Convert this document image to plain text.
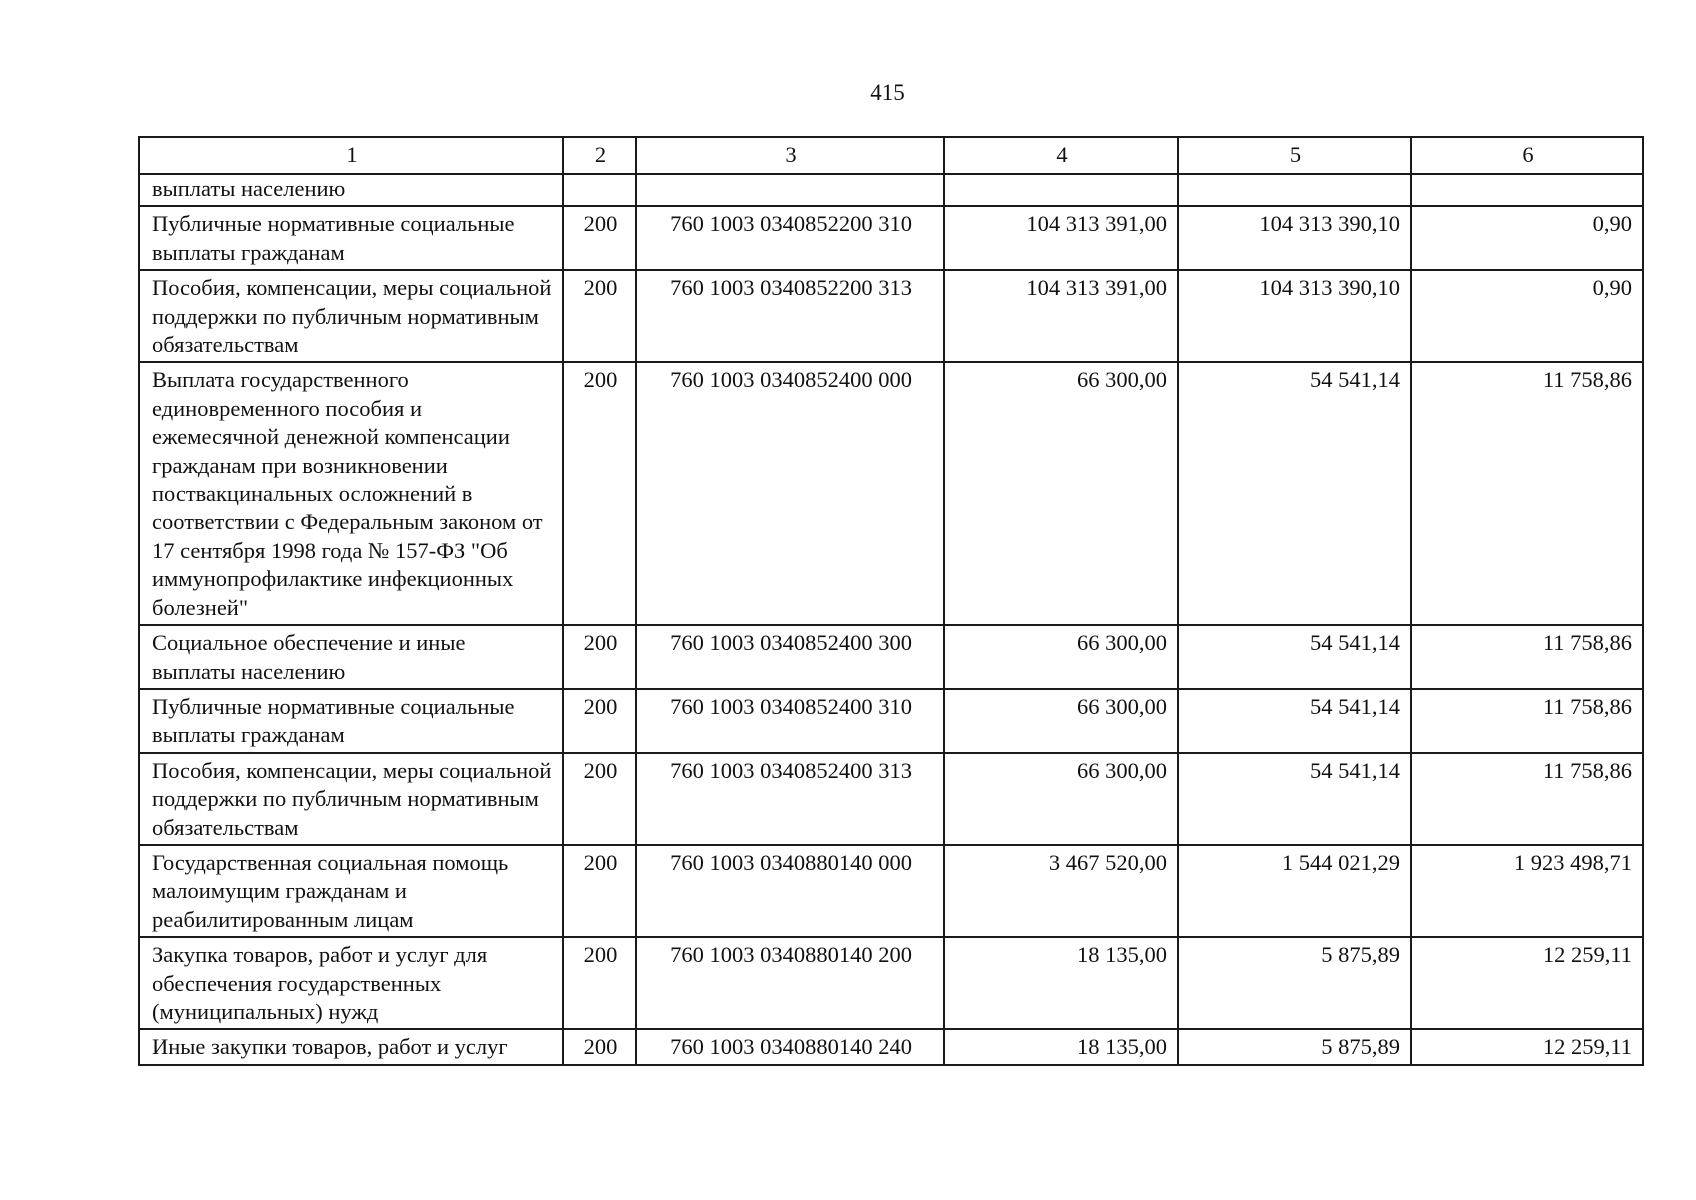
415
1	2	3	4	5	6
выплаты населению					
Публичные нормативные социальные выплаты гражданам	200	760 1003 0340852200 310	104 313 391,00	104 313 390,10	0,90
Пособия, компенсации, меры социальной поддержки по публичным нормативным обязательствам	200	760 1003 0340852200 313	104 313 391,00	104 313 390,10	0,90
Выплата государственного единовременного пособия и ежемесячной денежной компенсации гражданам при возникновении поствакцинальных осложнений в соответствии с Федеральным законом от 17 сентября 1998 года № 157-ФЗ "Об иммунопрофилактике инфекционных болезней"	200	760 1003 0340852400 000	66 300,00	54 541,14	11 758,86
Социальное обеспечение и иные выплаты населению	200	760 1003 0340852400 300	66 300,00	54 541,14	11 758,86
Публичные нормативные социальные выплаты гражданам	200	760 1003 0340852400 310	66 300,00	54 541,14	11 758,86
Пособия, компенсации, меры социальной поддержки по публичным нормативным обязательствам	200	760 1003 0340852400 313	66 300,00	54 541,14	11 758,86
Государственная социальная помощь малоимущим гражданам и реабилитированным лицам	200	760 1003 0340880140 000	3 467 520,00	1 544 021,29	1 923 498,71
Закупка товаров, работ и услуг для обеспечения государственных (муниципальных) нужд	200	760 1003 0340880140 200	18 135,00	5 875,89	12 259,11
Иные закупки товаров, работ и услуг	200	760 1003 0340880140 240	18 135,00	5 875,89	12 259,11
